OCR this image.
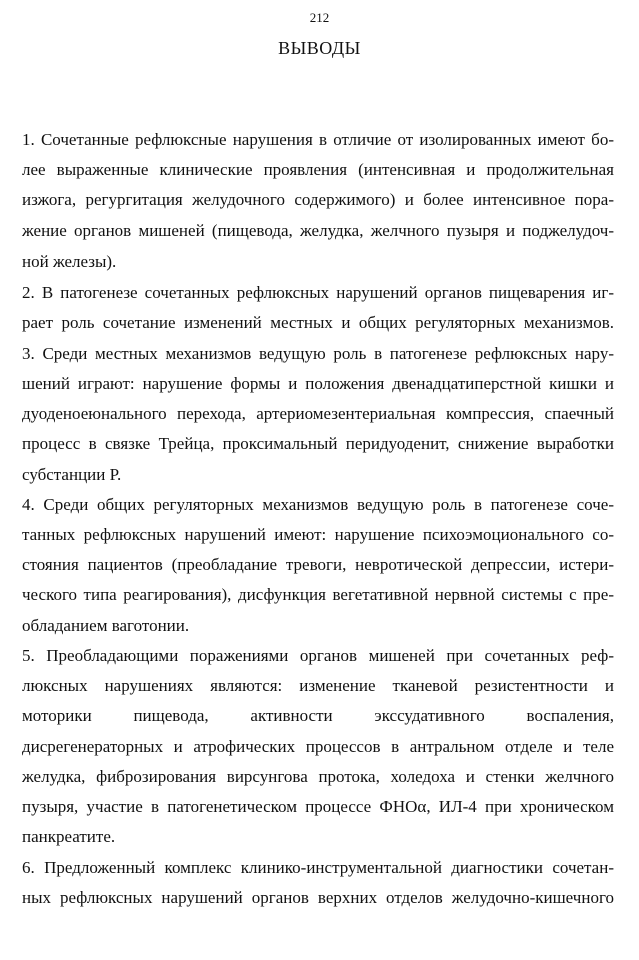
212
ВЫВОДЫ
1. Сочетанные рефлюксные нарушения в отличие от изолированных имеют бо-
лее выраженные клинические проявления (интенсивная и продолжительная
изжога, регургитация желудочного содержимого) и более интенсивное пора-
жение органов мишеней (пищевода, желудка, желчного пузыря и поджелудоч-
ной железы).
2. В патогенезе сочетанных рефлюксных нарушений органов пищеварения иг-
рает роль сочетание изменений местных и общих регуляторных механизмов.
3. Среди местных механизмов ведущую роль в патогенезе рефлюксных нару-
шений играют: нарушение формы и положения двенадцатиперстной кишки и
дуоденоеюнального перехода, артериомезентериальная компрессия, спаечный
процесс в связке Трейца, проксимальный перидуоденит, снижение выработки
субстанции Р.
4. Среди общих регуляторных механизмов ведущую роль в патогенезе соче-
танных рефлюксных нарушений имеют: нарушение психоэмоционального со-
стояния пациентов (преобладание тревоги, невротической депрессии, истери-
ческого типа реагирования), дисфункция вегетативной нервной системы с пре-
обладанием ваготонии.
5. Преобладающими поражениями органов мишеней при сочетанных реф-
люксных нарушениях являются: изменение тканевой резистентности и
моторики пищевода, активности экссудативного воспаления,
дисрегенераторных и атрофических процессов в антральном отделе и теле
желудка, фиброзирования вирсунгова протока, холедоха и стенки желчного
пузыря, участие в патогенетическом процессе ФНОα, ИЛ-4 при хроническом
панкреатите.
6. Предложенный комплекс клинико-инструментальной диагностики сочетан-
ных рефлюксных нарушений органов верхних отделов желудочно-кишечного
